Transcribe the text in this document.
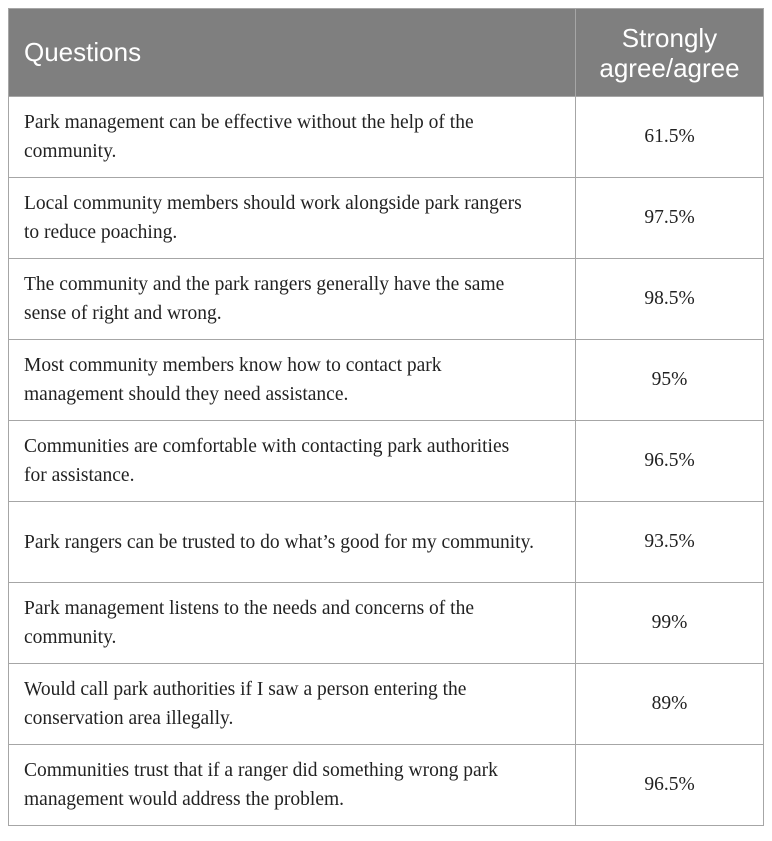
Questions	Strongly agree/agree
Park management can be effective without the help of the community.	61.5%
Local community members should work alongside park rangers to reduce poaching.	97.5%
The community and the park rangers generally have the same sense of right and wrong.	98.5%
Most community members know how to contact park management should they need assistance.	95%
Communities are comfortable with contacting park authorities for assistance.	96.5%
Park rangers can be trusted to do what’s good for my community.	93.5%
Park management listens to the needs and concerns of the community.	99%
Would call park authorities if I saw a person entering the conservation area illegally.	89%
Communities trust that if a ranger did something wrong park management would address the problem.	96.5%
